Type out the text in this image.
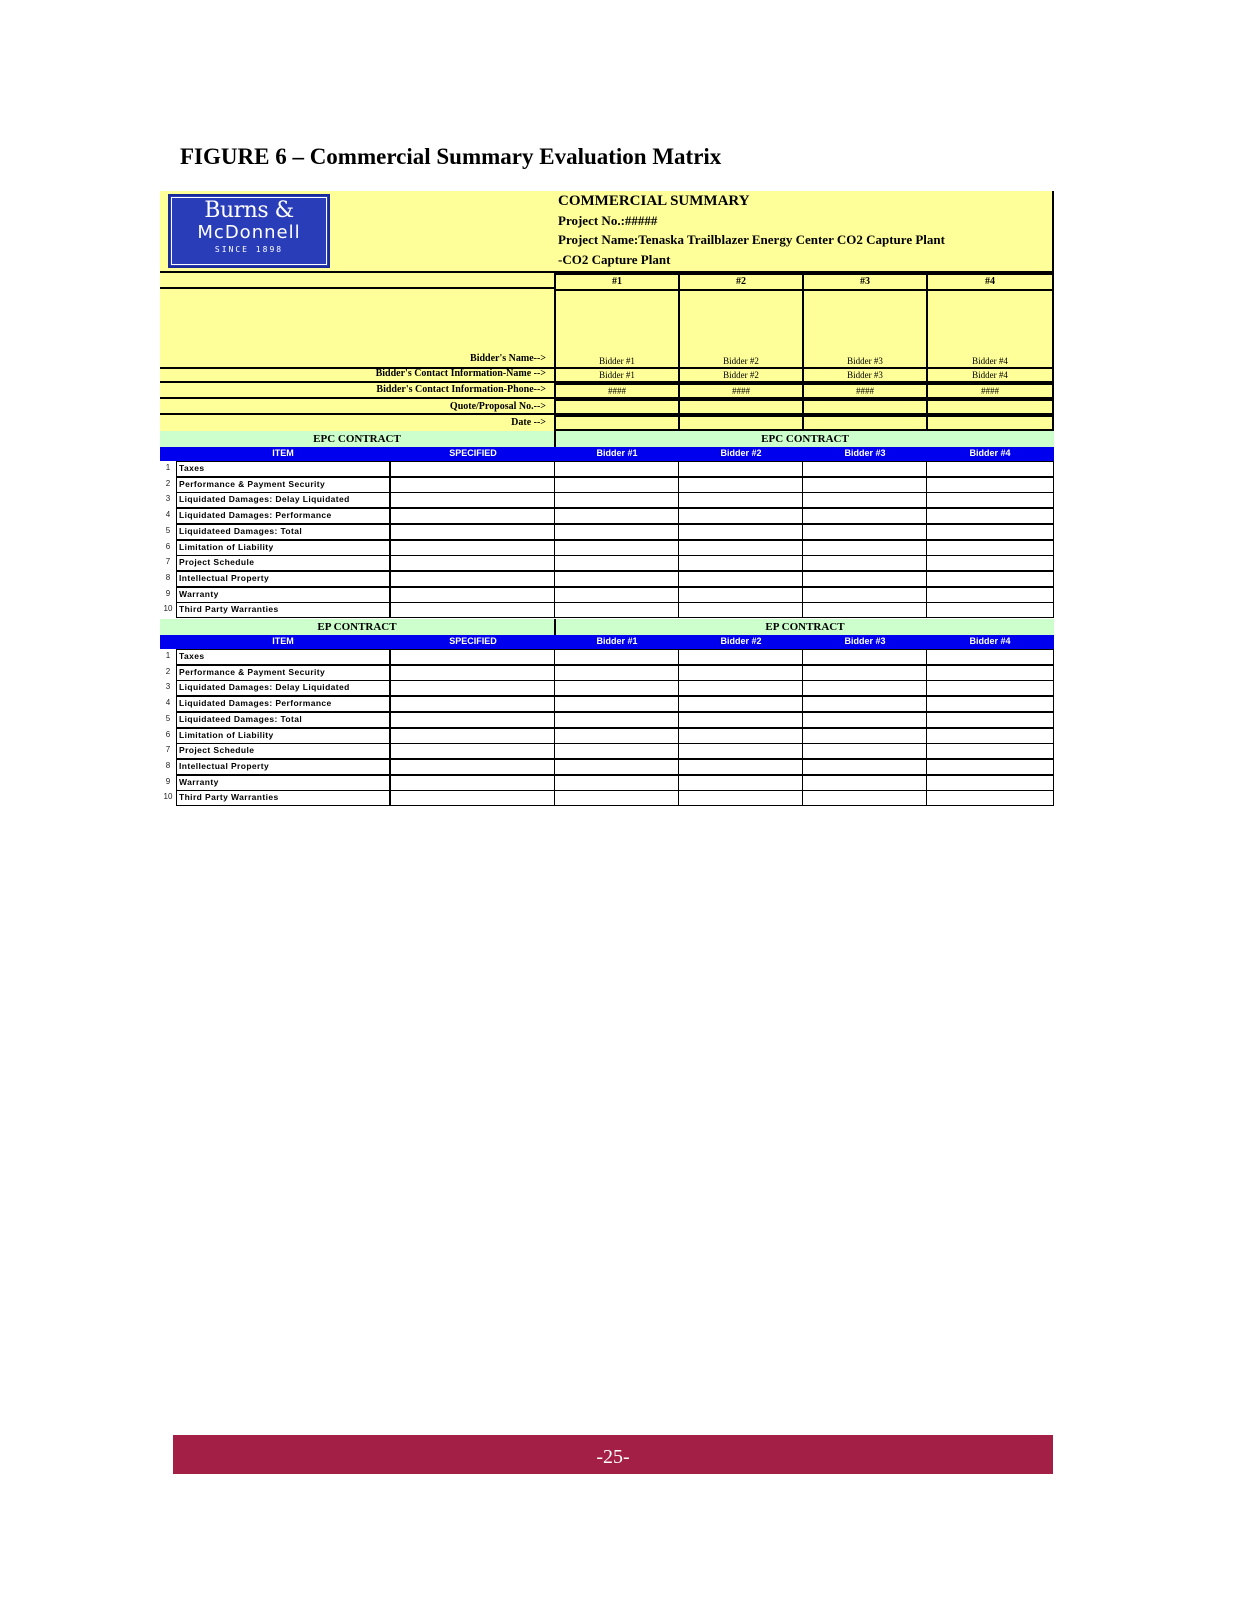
FIGURE 6 – Commercial Summary Evaluation Matrix
Burns &
McDonnell
SINCE 1898
COMMERCIAL SUMMARY
Project No.:#####
Project Name:Tenaska Trailblazer Energy Center CO2 Capture Plant
-CO2 Capture Plant
#1	#2	#3	#4
Bidder's Name-->	Bidder #1	Bidder #2	Bidder #3	Bidder #4
Bidder's Contact Information-Name -->	Bidder #1	Bidder #2	Bidder #3	Bidder #4
Bidder's Contact Information-Phone-->	####	####	####	####
Quote/Proposal No.-->
Date -->
EPC CONTRACT	EPC CONTRACT
ITEM	SPECIFIED	Bidder #1	Bidder #2	Bidder #3	Bidder #4
1	Taxes
2	Performance & Payment Security
3	Liquidated Damages: Delay Liquidated
4	Liquidated Damages: Performance
5	Liquidateed Damages: Total
6	Limitation of Liability
7	Project Schedule
8	Intellectual Property
9	Warranty
10 Third Party Warranties
EP CONTRACT	EP CONTRACT
ITEM	SPECIFIED	Bidder #1	Bidder #2	Bidder #3	Bidder #4
1	Taxes
2	Performance & Payment Security
3	Liquidated Damages: Delay Liquidated
4	Liquidated Damages: Performance
5	Liquidateed Damages: Total
6	Limitation of Liability
7	Project Schedule
8	Intellectual Property
9	Warranty
10 Third Party Warranties
-25-
